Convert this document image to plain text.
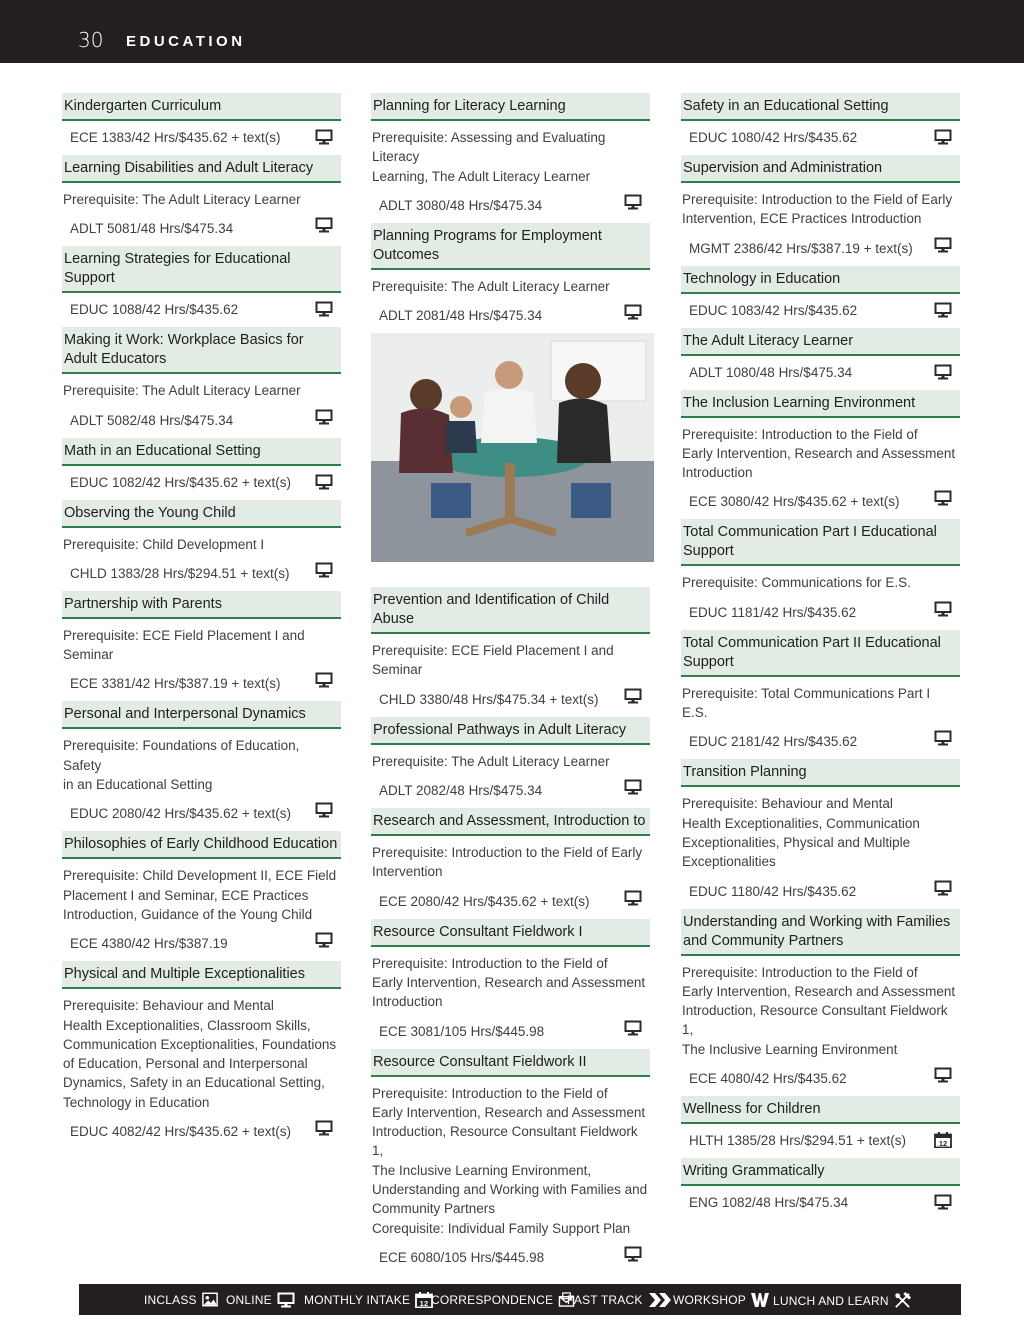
30 EDUCATION
Kindergarten Curriculum
ECE 1383/42 Hrs/$435.62 + text(s)
Learning Disabilities and Adult Literacy
Prerequisite: The Adult Literacy Learner
ADLT 5081/48 Hrs/$475.34
Learning Strategies for Educational Support
EDUC 1088/42 Hrs/$435.62
Making it Work: Workplace Basics for Adult Educators
Prerequisite: The Adult Literacy Learner
ADLT 5082/48 Hrs/$475.34
Math in an Educational Setting
EDUC 1082/42 Hrs/$435.62 + text(s)
Observing the Young Child
Prerequisite: Child Development I
CHLD 1383/28 Hrs/$294.51 + text(s)
Partnership with Parents
Prerequisite: ECE Field Placement I and
Seminar
ECE 3381/42 Hrs/$387.19 + text(s)
Personal and Interpersonal Dynamics
Prerequisite: Foundations of Education, Safety
in an Educational Setting
EDUC 2080/42 Hrs/$435.62 + text(s)
Philosophies of Early Childhood Education
Prerequisite: Child Development II, ECE Field
Placement I and Seminar, ECE Practices
Introduction, Guidance of the Young Child
ECE 4380/42 Hrs/$387.19
Physical and Multiple Exceptionalities
Prerequisite: Behaviour and Mental
Health Exceptionalities, Classroom Skills,
Communication Exceptionalities, Foundations
of Education, Personal and Interpersonal
Dynamics, Safety in an Educational Setting,
Technology in Education
EDUC 4082/42 Hrs/$435.62 + text(s)
Planning for Literacy Learning
Prerequisite: Assessing and Evaluating Literacy
Learning, The Adult Literacy Learner
ADLT 3080/48 Hrs/$475.34
Planning Programs for Employment Outcomes
Prerequisite: The Adult Literacy Learner
ADLT 2081/48 Hrs/$475.34
Prevention and Identification of Child Abuse
Prerequisite: ECE Field Placement I and
Seminar
CHLD 3380/48 Hrs/$475.34 + text(s)
Professional Pathways in Adult Literacy
Prerequisite: The Adult Literacy Learner
ADLT 2082/48 Hrs/$475.34
Research and Assessment, Introduction to
Prerequisite: Introduction to the Field of Early
Intervention
ECE 2080/42 Hrs/$435.62 + text(s)
Resource Consultant Fieldwork I
Prerequisite: Introduction to the Field of
Early Intervention, Research and Assessment
Introduction
ECE 3081/105 Hrs/$445.98
Resource Consultant Fieldwork II
Prerequisite: Introduction to the Field of
Early Intervention, Research and Assessment
Introduction, Resource Consultant Fieldwork 1,
The Inclusive Learning Environment,
Understanding and Working with Families and
Community Partners
Corequisite: Individual Family Support Plan
ECE 6080/105 Hrs/$445.98
Safety in an Educational Setting
EDUC 1080/42 Hrs/$435.62
Supervision and Administration
Prerequisite: Introduction to the Field of Early
Intervention, ECE Practices Introduction
MGMT 2386/42 Hrs/$387.19 + text(s)
Technology in Education
EDUC 1083/42 Hrs/$435.62
The Adult Literacy Learner
ADLT 1080/48 Hrs/$475.34
The Inclusion Learning Environment
Prerequisite: Introduction to the Field of
Early Intervention, Research and Assessment
Introduction
ECE 3080/42 Hrs/$435.62 + text(s)
Total Communication Part I Educational Support
Prerequisite: Communications for E.S.
EDUC 1181/42 Hrs/$435.62
Total Communication Part II Educational Support
Prerequisite: Total Communications Part I E.S.
EDUC 2181/42 Hrs/$435.62
Transition Planning
Prerequisite: Behaviour and Mental
Health Exceptionalities, Communication
Exceptionalities, Physical and Multiple
Exceptionalities
EDUC 1180/42 Hrs/$435.62
Understanding and Working with Families and Community Partners
Prerequisite: Introduction to the Field of
Early Intervention, Research and Assessment
Introduction, Resource Consultant Fieldwork 1,
The Inclusive Learning Environment
ECE 4080/42 Hrs/$435.62
Wellness for Children
HLTH 1385/28 Hrs/$294.51 + text(s)	12
Writing Grammatically
ENG 1082/48 Hrs/$475.34
INCLASS ONLINE	MONTHLY INTAKE 12 CORRESPONDENCE FAST TRACK	WORKSHOP LUNCH AND LEARN
